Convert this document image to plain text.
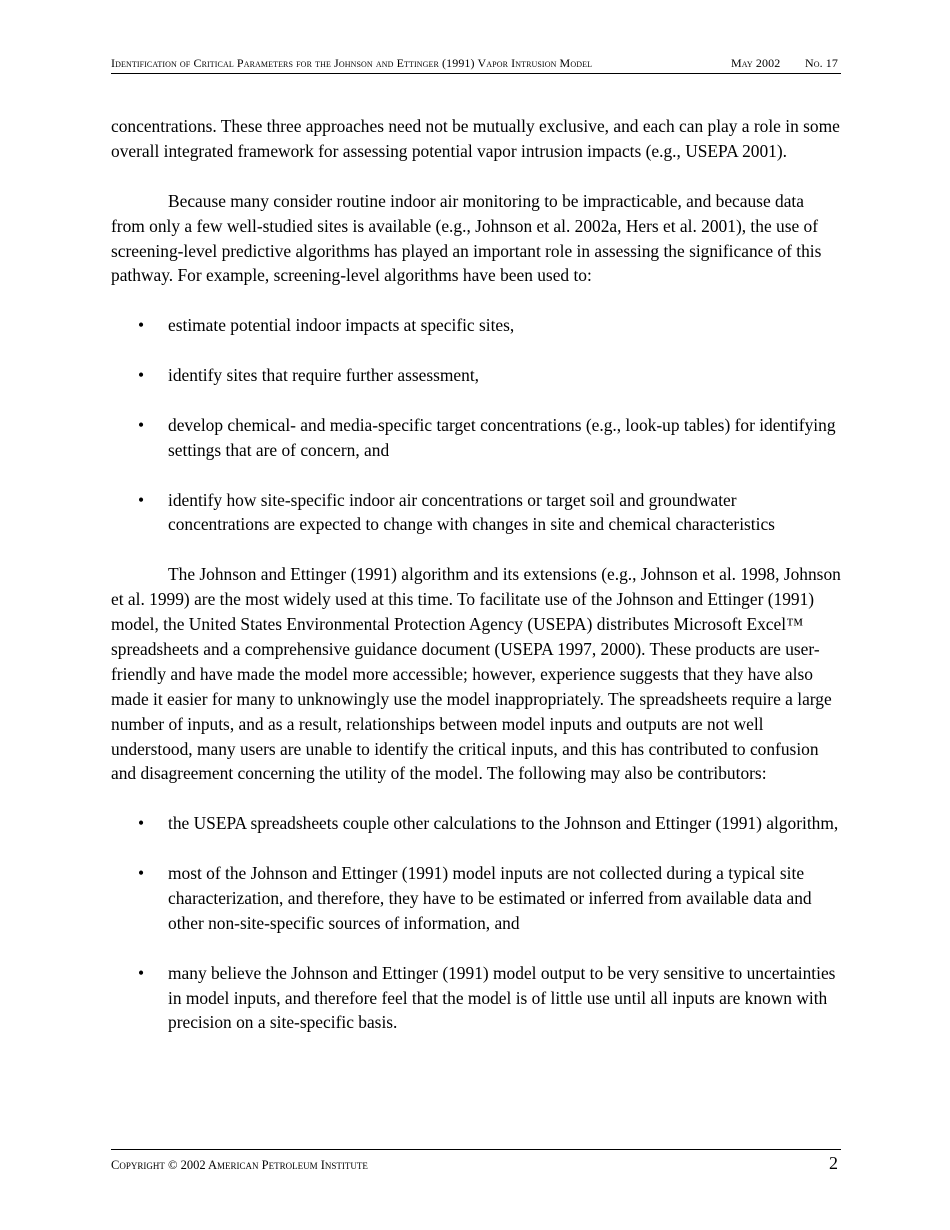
Identification of Critical Parameters for the Johnson and Ettinger (1991) Vapor Intrusion Model	May 2002 No. 17

concentrations. These three approaches need not be mutually exclusive, and each can play a role in some overall integrated framework for assessing potential vapor intrusion impacts (e.g., USEPA 2001).

Because many consider routine indoor air monitoring to be impracticable, and because data from only a few well-studied sites is available (e.g., Johnson et al. 2002a, Hers et al. 2001), the use of screening-level predictive algorithms has played an important role in assessing the significance of this pathway. For example, screening-level algorithms have been used to:

• estimate potential indoor impacts at specific sites,
• identify sites that require further assessment,
• develop chemical- and media-specific target concentrations (e.g., look-up tables) for identifying settings that are of concern, and
• identify how site-specific indoor air concentrations or target soil and groundwater concentrations are expected to change with changes in site and chemical characteristics

The Johnson and Ettinger (1991) algorithm and its extensions (e.g., Johnson et al. 1998, Johnson et al. 1999) are the most widely used at this time. To facilitate use of the Johnson and Ettinger (1991) model, the United States Environmental Protection Agency (USEPA) distributes Microsoft Excel™ spreadsheets and a comprehensive guidance document (USEPA 1997, 2000). These products are user-friendly and have made the model more accessible; however, experience suggests that they have also made it easier for many to unknowingly use the model inappropriately. The spreadsheets require a large number of inputs, and as a result, relationships between model inputs and outputs are not well understood, many users are unable to identify the critical inputs, and this has contributed to confusion and disagreement concerning the utility of the model. The following may also be contributors:

• the USEPA spreadsheets couple other calculations to the Johnson and Ettinger (1991) algorithm,
• most of the Johnson and Ettinger (1991) model inputs are not collected during a typical site characterization, and therefore, they have to be estimated or inferred from available data and other non-site-specific sources of information, and
• many believe the Johnson and Ettinger (1991) model output to be very sensitive to uncertainties in model inputs, and therefore feel that the model is of little use until all inputs are known with precision on a site-specific basis.
Copyright © 2002 American Petroleum Institute	2
